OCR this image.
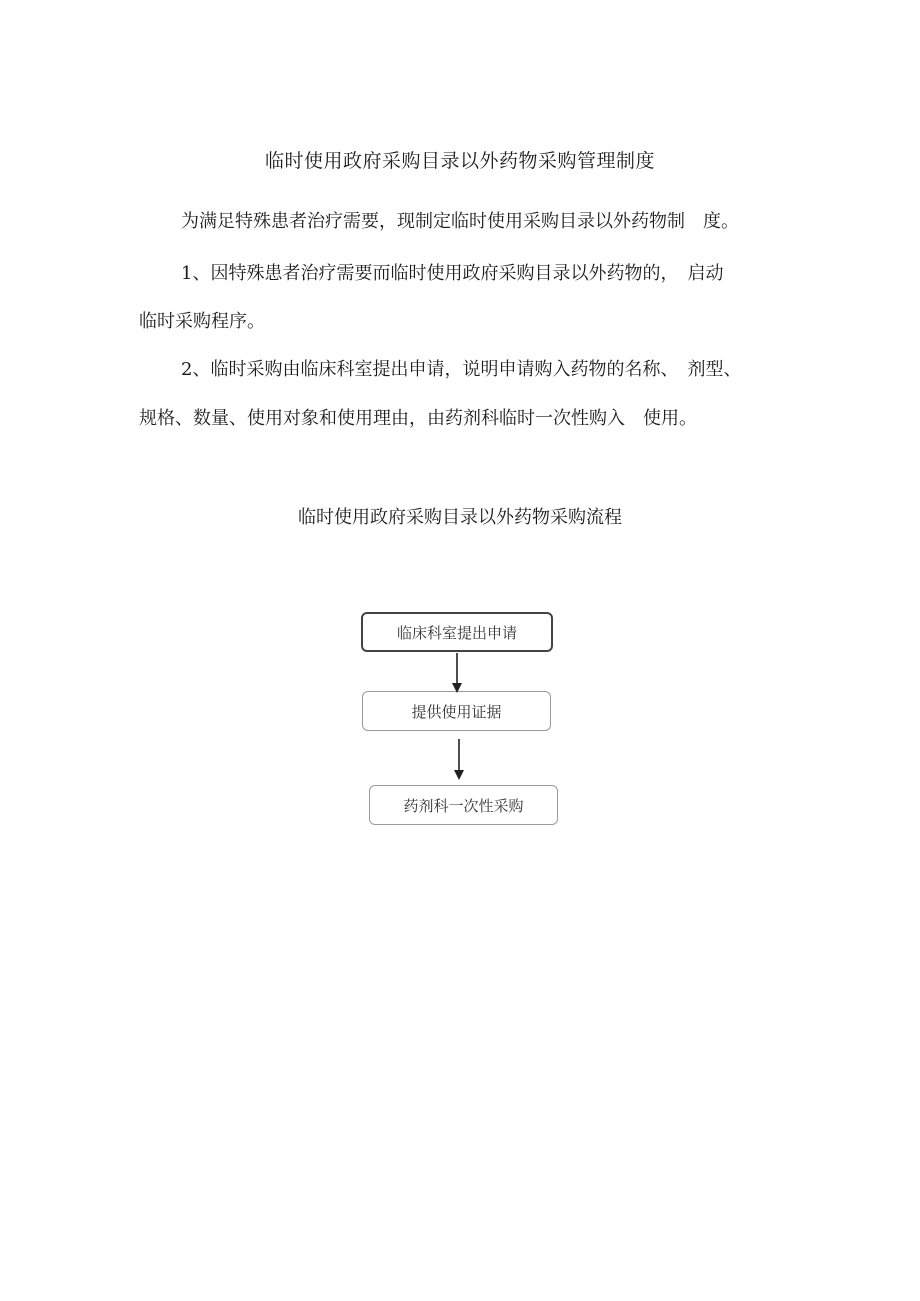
临时使用政府采购目录以外药物采购管理制度
为满足特殊患者治疗需要，现制定临时使用采购目录以外药物制　度。
1、因特殊患者治疗需要而临时使用政府采购目录以外药物的，　启动
临时采购程序。
2、临时采购由临床科室提出申请，说明申请购入药物的名称、　剂型、
规格、数量、使用对象和使用理由，由药剂科临时一次性购入　使用。
临时使用政府采购目录以外药物采购流程
临床科室提出申请
提供使用证据
药剂科一次性采购
